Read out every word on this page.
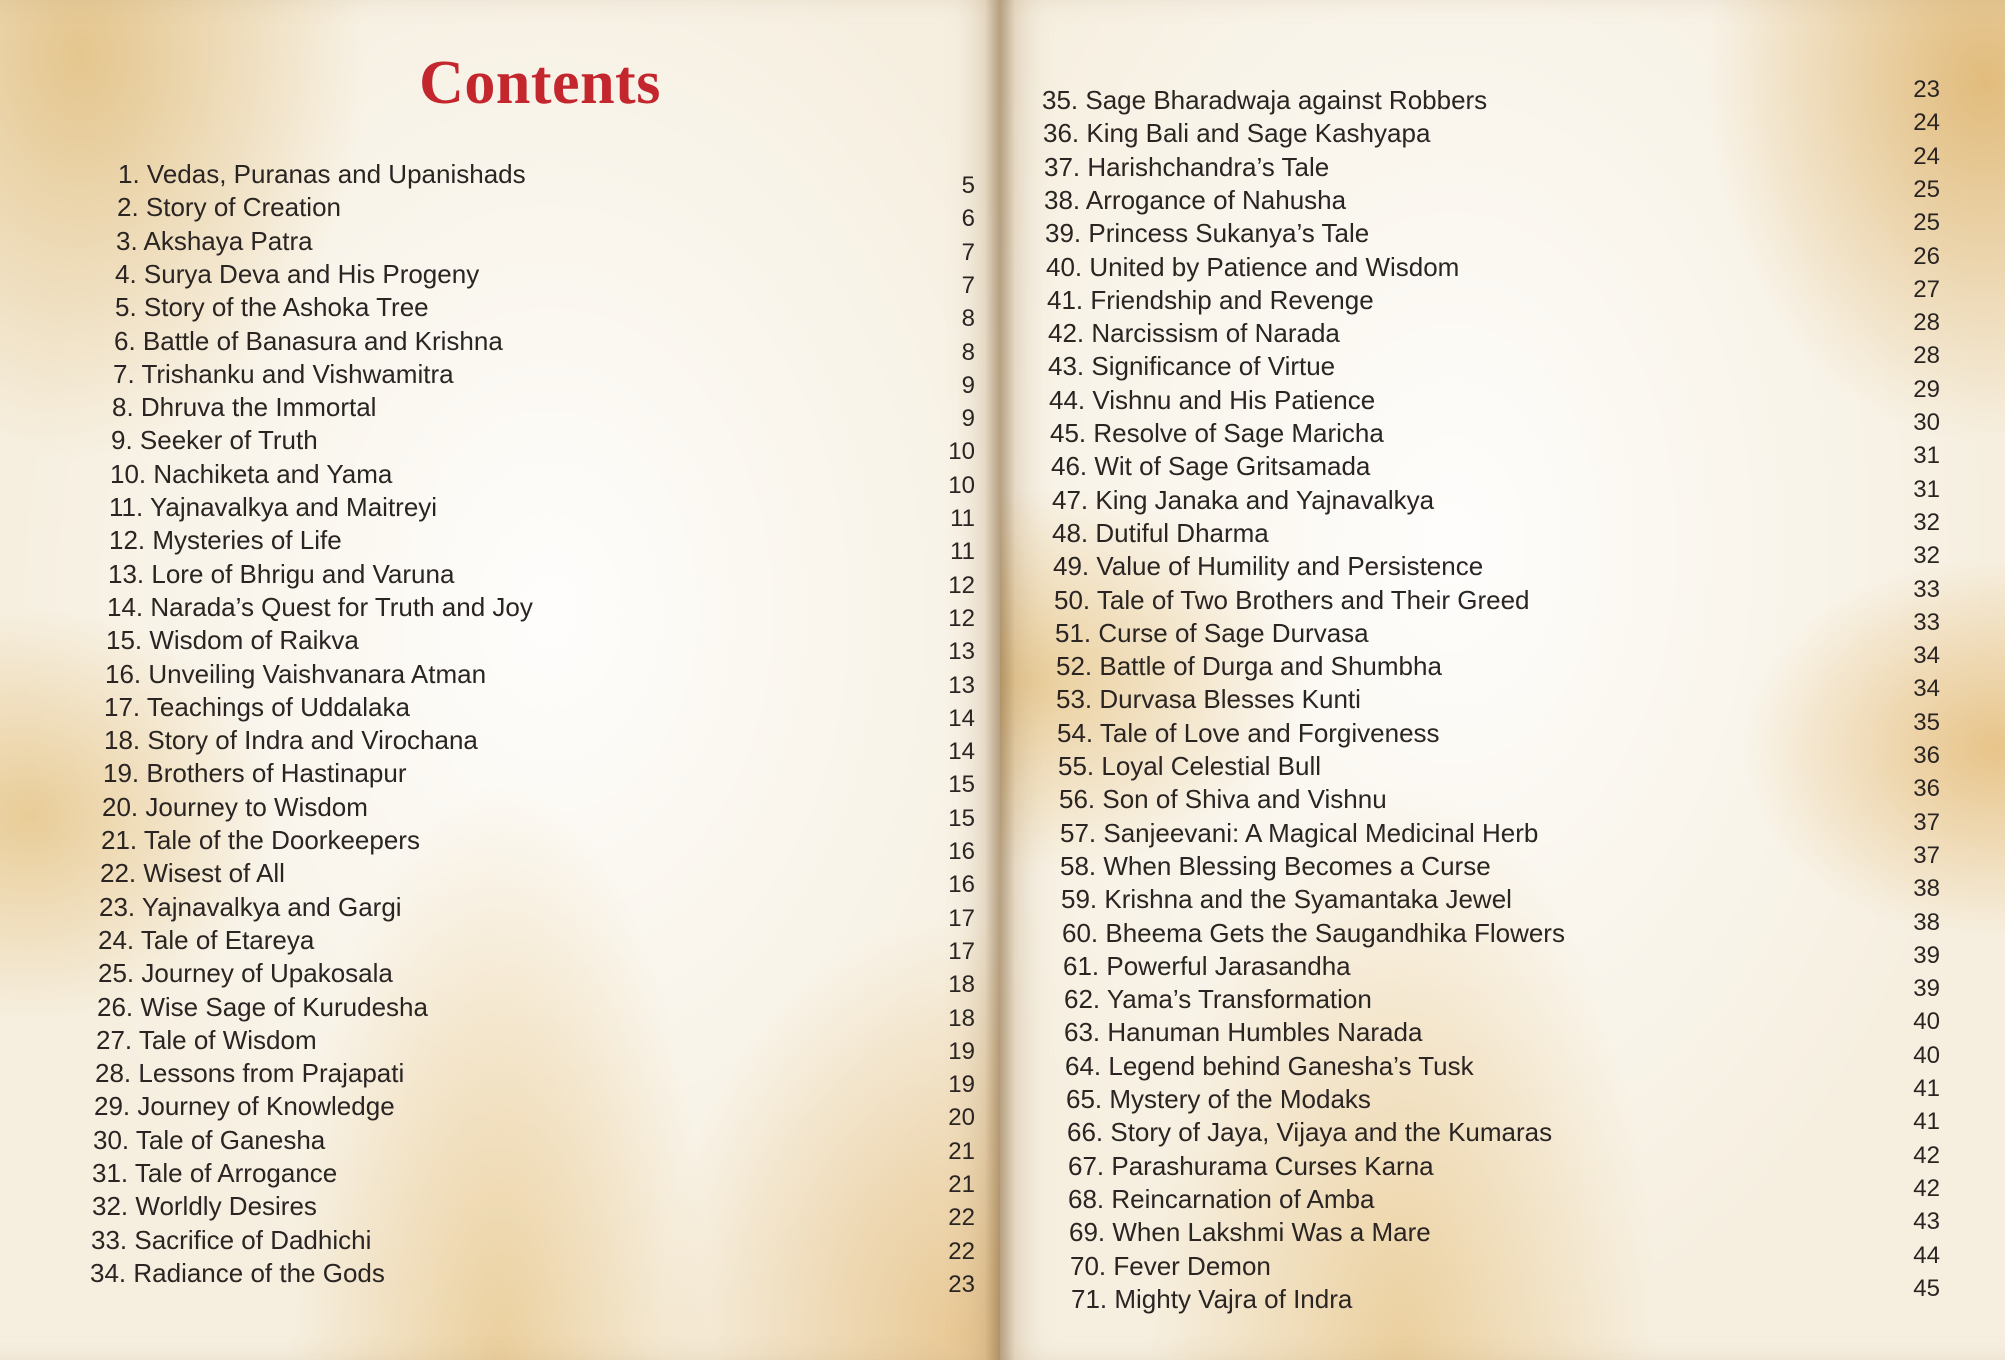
Contents
1. Vedas, Puranas and Upanishads	5
2. Story of Creation	6
3. Akshaya Patra	7
4. Surya Deva and His Progeny	7
5. Story of the Ashoka Tree	8
6. Battle of Banasura and Krishna	8
7. Trishanku and Vishwamitra	9
8. Dhruva the Immortal	9
9. Seeker of Truth	10
10. Nachiketa and Yama	10
11. Yajnavalkya and Maitreyi	11
12. Mysteries of Life	11
13. Lore of Bhrigu and Varuna	12
14. Narada’s Quest for Truth and Joy	12
15. Wisdom of Raikva	13
16. Unveiling Vaishvanara Atman	13
17. Teachings of Uddalaka	14
18. Story of Indra and Virochana	14
19. Brothers of Hastinapur	15
20. Journey to Wisdom	15
21. Tale of the Doorkeepers	16
22. Wisest of All	16
23. Yajnavalkya and Gargi	17
24. Tale of Etareya	17
25. Journey of Upakosala	18
26. Wise Sage of Kurudesha	18
27. Tale of Wisdom	19
28. Lessons from Prajapati	19
29. Journey of Knowledge	20
30. Tale of Ganesha	21
31. Tale of Arrogance	21
32. Worldly Desires	22
33. Sacrifice of Dadhichi	22
34. Radiance of the Gods	23
35. Sage Bharadwaja against Robbers	23
36. King Bali and Sage Kashyapa	24
37. Harishchandra’s Tale	24
38. Arrogance of Nahusha	25
39. Princess Sukanya’s Tale	25
40. United by Patience and Wisdom	26
41. Friendship and Revenge	27
42. Narcissism of Narada	28
43. Significance of Virtue	28
44. Vishnu and His Patience	29
45. Resolve of Sage Maricha	30
46. Wit of Sage Gritsamada	31
47. King Janaka and Yajnavalkya	31
48. Dutiful Dharma	32
49. Value of Humility and Persistence	32
50. Tale of Two Brothers and Their Greed	33
51. Curse of Sage Durvasa	33
52. Battle of Durga and Shumbha	34
53. Durvasa Blesses Kunti	34
54. Tale of Love and Forgiveness	35
55. Loyal Celestial Bull	36
56. Son of Shiva and Vishnu	36
57. Sanjeevani: A Magical Medicinal Herb	37
58. When Blessing Becomes a Curse	37
59. Krishna and the Syamantaka Jewel	38
60. Bheema Gets the Saugandhika Flowers	38
61. Powerful Jarasandha	39
62. Yama’s Transformation	39
63. Hanuman Humbles Narada	40
64. Legend behind Ganesha’s Tusk	40
65. Mystery of the Modaks	41
66. Story of Jaya, Vijaya and the Kumaras	41
67. Parashurama Curses Karna	42
68. Reincarnation of Amba	42
69. When Lakshmi Was a Mare	43
70. Fever Demon	44
71. Mighty Vajra of Indra	45
